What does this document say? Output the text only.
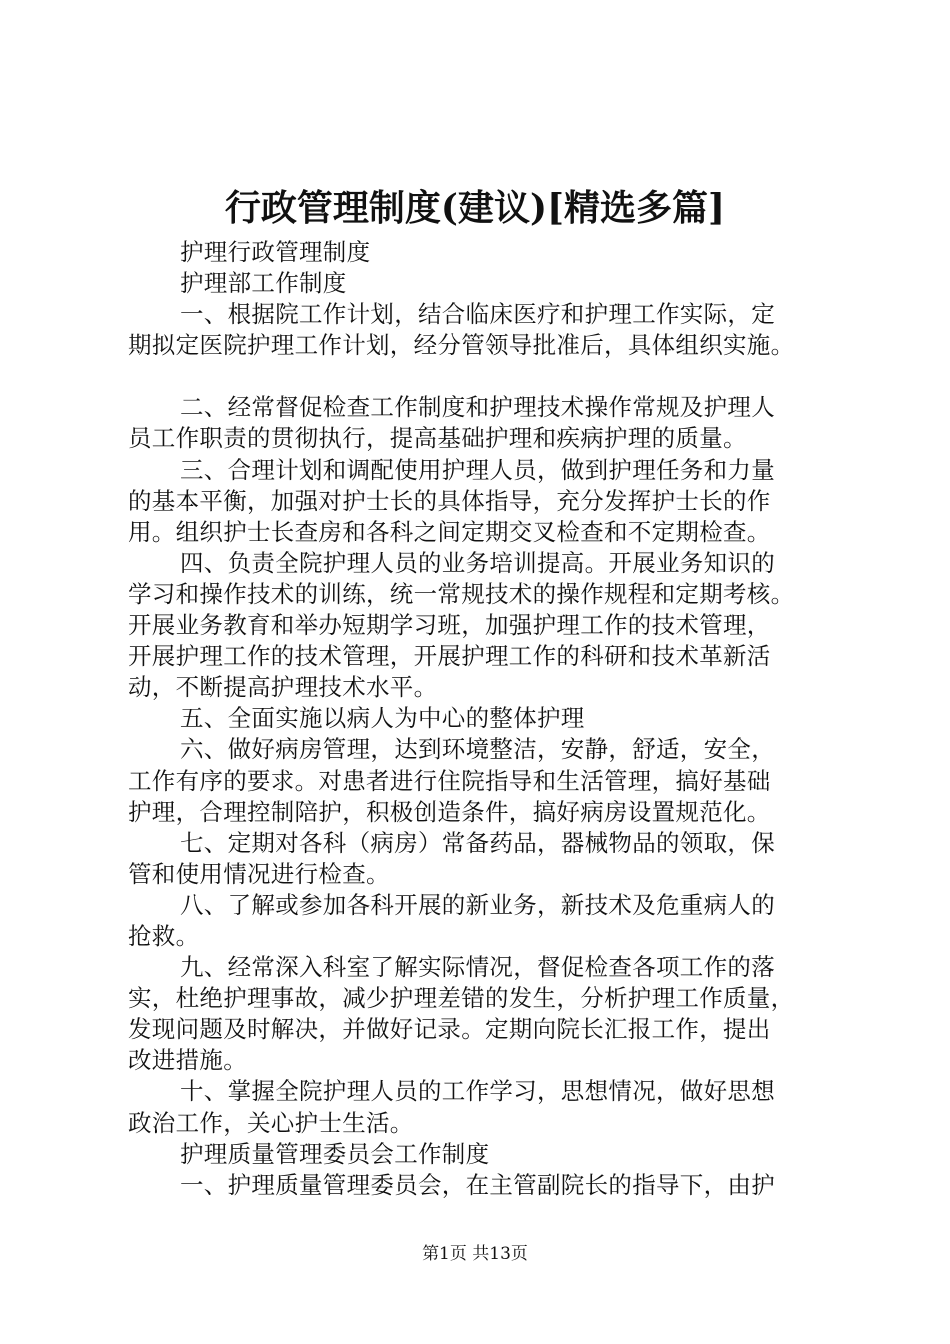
行政管理制度(建议)[精选多篇]
护理行政管理制度
护理部工作制度
一、根据院工作计划，结合临床医疗和护理工作实际，定
期拟定医院护理工作计划，经分管领导批准后，具体组织实施。
二、经常督促检查工作制度和护理技术操作常规及护理人
员工作职责的贯彻执行，提高基础护理和疾病护理的质量。
三、合理计划和调配使用护理人员，做到护理任务和力量
的基本平衡，加强对护士长的具体指导，充分发挥护士长的作
用。组织护士长查房和各科之间定期交叉检查和不定期检查。
四、负责全院护理人员的业务培训提高。开展业务知识的
学习和操作技术的训练，统一常规技术的操作规程和定期考核。
开展业务教育和举办短期学习班，加强护理工作的技术管理，
开展护理工作的技术管理，开展护理工作的科研和技术革新活
动，不断提高护理技术水平。
五、全面实施以病人为中心的整体护理
六、做好病房管理，达到环境整洁，安静，舒适，安全，
工作有序的要求。对患者进行住院指导和生活管理，搞好基础
护理，合理控制陪护，积极创造条件，搞好病房设置规范化。
七、定期对各科（病房）常备药品，器械物品的领取，保
管和使用情况进行检查。
八、了解或参加各科开展的新业务，新技术及危重病人的
抢救。
九、经常深入科室了解实际情况，督促检查各项工作的落
实，杜绝护理事故，减少护理差错的发生，分析护理工作质量，
发现问题及时解决，并做好记录。定期向院长汇报工作，提出
改进措施。
十、掌握全院护理人员的工作学习，思想情况，做好思想
政治工作，关心护士生活。
护理质量管理委员会工作制度
一、护理质量管理委员会，在主管副院长的指导下，由护
第1页 共13页
